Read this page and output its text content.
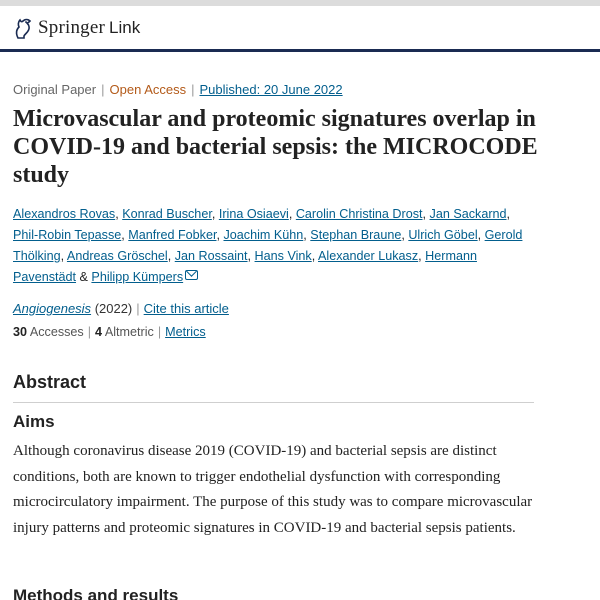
Springer Link
Original Paper | Open Access | Published: 20 June 2022
Microvascular and proteomic signatures overlap in COVID-19 and bacterial sepsis: the MICROCODE study
Alexandros Rovas, Konrad Buscher, Irina Osiaevi, Carolin Christina Drost, Jan Sackarnd, Phil-Robin Tepasse, Manfred Fobker, Joachim Kühn, Stephan Braune, Ulrich Göbel, Gerold Thölking, Andreas Gröschel, Jan Rossaint, Hans Vink, Alexander Lukasz, Hermann Pavenstädt & Philipp Kümpers
Angiogenesis (2022) | Cite this article
30 Accesses | 4 Altmetric | Metrics
Abstract
Aims

Although coronavirus disease 2019 (COVID-19) and bacterial sepsis are distinct conditions, both are known to trigger endothelial dysfunction with corresponding microcirculatory impairment. The purpose of this study was to compare microvascular injury patterns and proteomic signatures in COVID-19 and bacterial sepsis patients.

Methods and results
